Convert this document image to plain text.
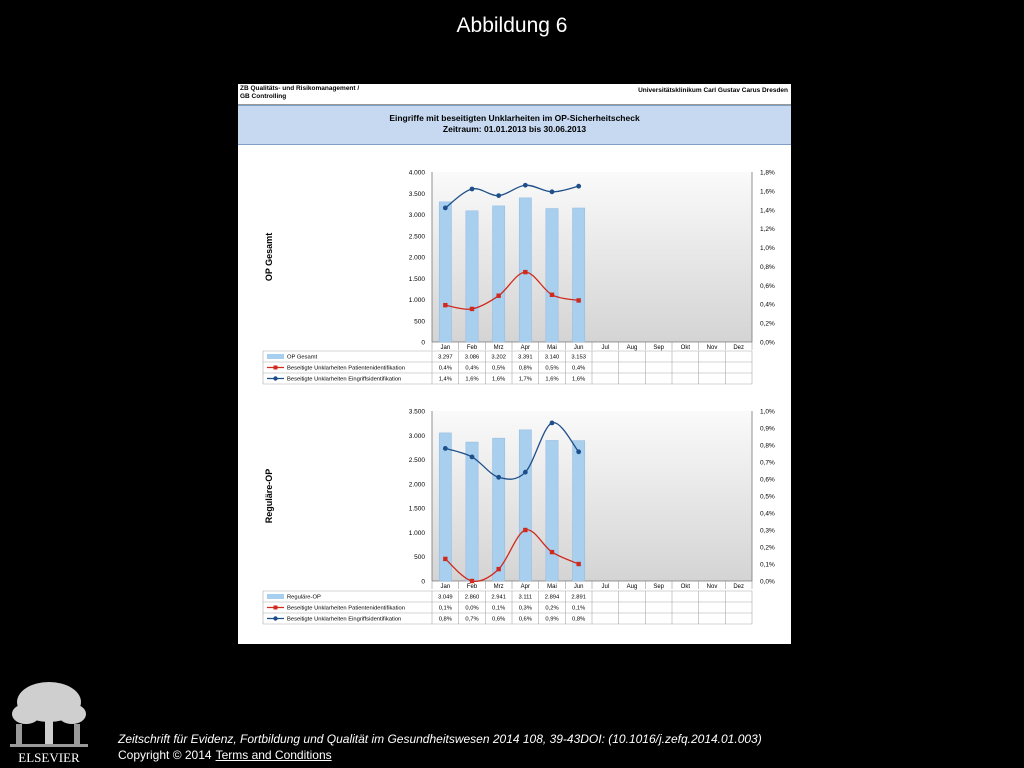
Abbildung 6
ZB Qualitäts- und Risikomanagement /
GB Controlling
Universitätsklinikum Carl Gustav Carus Dresden
Eingriffe mit beseitigten Unklarheiten im OP-Sicherheitscheck
Zeitraum: 01.01.2013 bis 30.06.2013
0
500
1.000
1.500
2.000
2.500
3.000
3.500
4.000
0,0%
0,2%
0,4%
0,6%
0,8%
1,0%
1,2%
1,4%
1,6%
1,8%
OP Gesamt
Jan	Feb	Mrz	Apr	Mai	Jun	Jul	Aug	Sep	Okt	Nov	Dez
OP Gesamt	3.297 3.086 3.202 3.391 3.140 3.153
Beseitigte Unklarheiten Patientenidentifikation	0,4% 0,4% 0,5% 0,8% 0,5% 0,4%
Beseitigte Unklarheiten Eingriffsidentifikation	1,4% 1,6% 1,6% 1,7% 1,6% 1,6%
0
500
1.000
1.500
2.000
2.500
3.000
3.500
0,0%
0,1%
0,2%
0,3%
0,4%
0,5%
0,6%
0,7%
0,8%
0,9%
1,0%
Reguläre-OP
Jan	Feb	Mrz	Apr	Mai	Jun	Jul	Aug	Sep	Okt	Nov	Dez
Reguläre-OP	3.049 2.860 2.941 3.111 2.894 2.891
Beseitigte Unklarheiten Patientenidentifikation	0,1% 0,0% 0,1% 0,3% 0,2% 0,1%
Beseitigte Unklarheiten Eingriffsidentifikation	0,8% 0,7% 0,6% 0,6% 0,9% 0,8%
ELSEVIER
Zeitschrift für Evidenz, Fortbildung und Qualität im Gesundheitswesen 2014 108, 39-43DOI: (10.1016/j.zefq.2014.01.003)
Copyright © 2014 Terms and Conditions
